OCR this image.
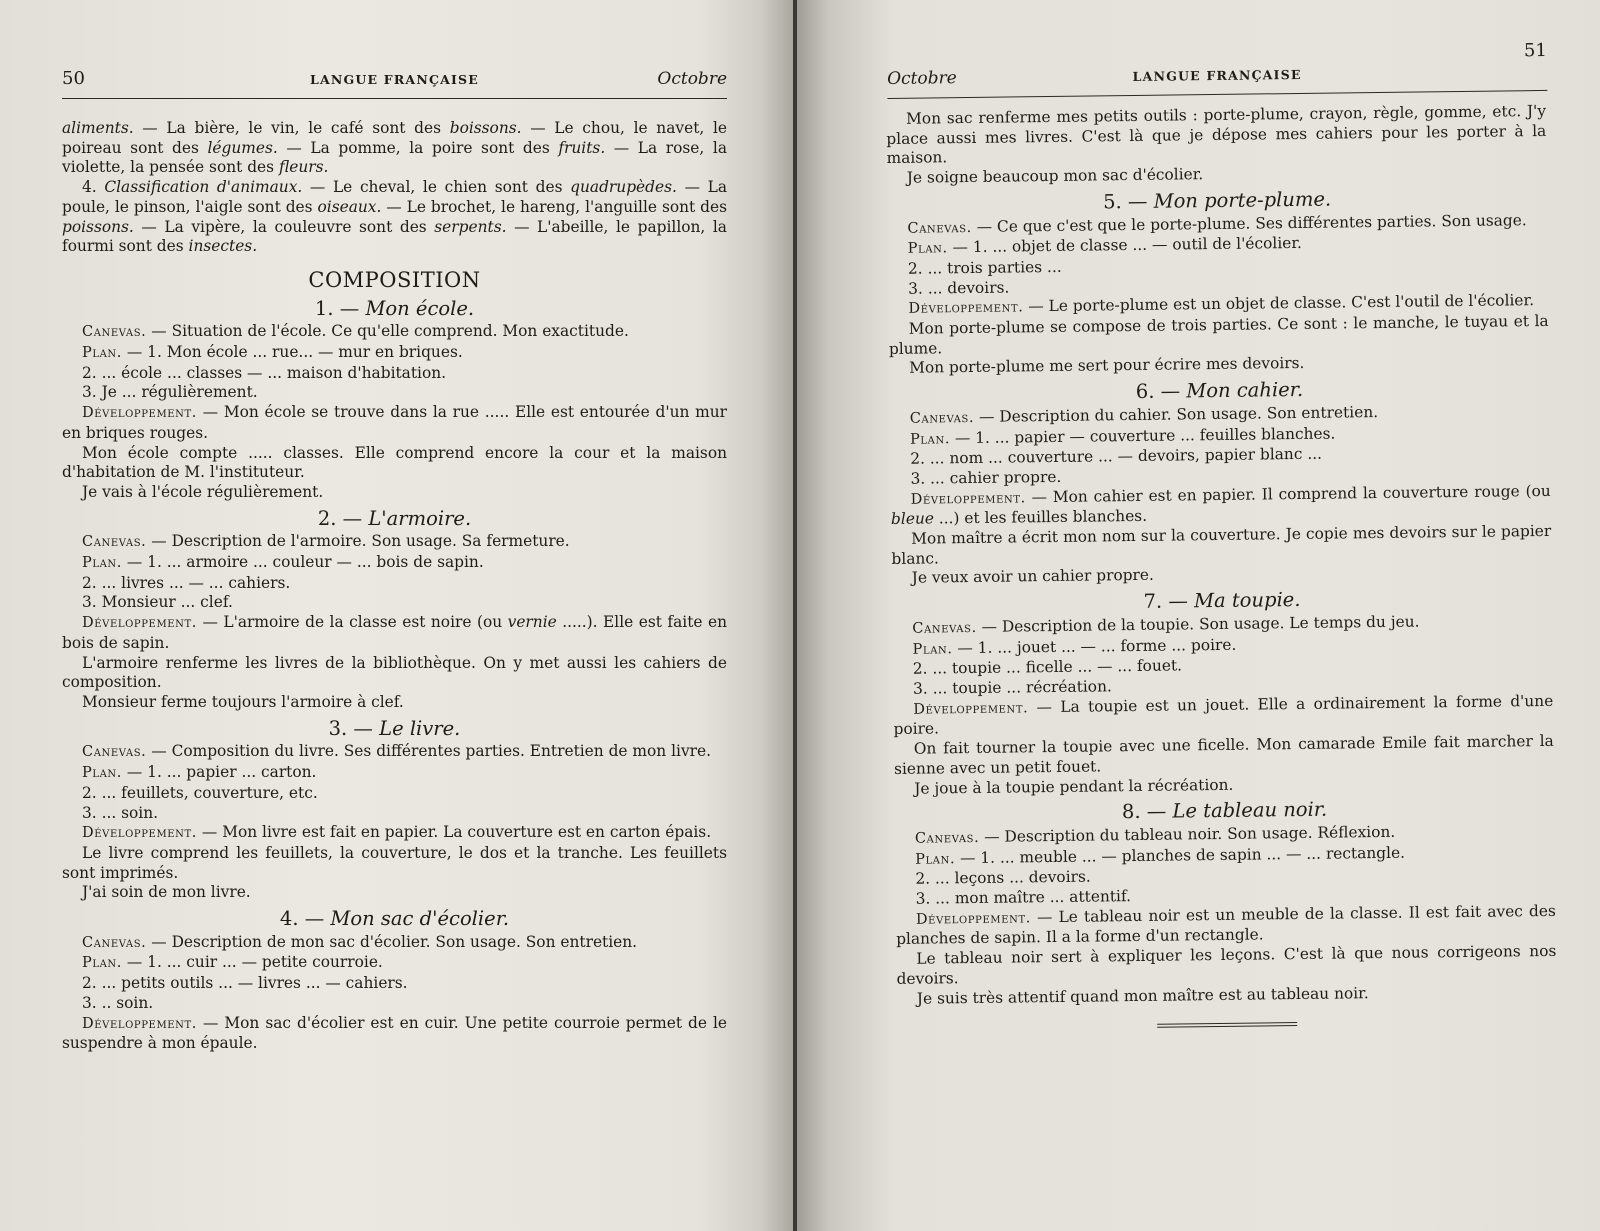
50	LANGUE FRANÇAISE	Octobre

aliments. — La bière, le vin, le café sont des boissons. — Le chou, le navet, le poireau sont des légumes. — La pomme, la poire sont des fruits. — La rose, la violette, la pensée sont des fleurs.

4. Classification d'animaux. — Le cheval, le chien sont des quadrupèdes. — La poule, le pinson, l'aigle sont des oiseaux. — Le brochet, le hareng, l'anguille sont des poissons. — La vipère, la couleuvre sont des serpents. — L'abeille, le papillon, la fourmi sont des insectes.

COMPOSITION
1. — Mon école.

Canevas. — Situation de l'école. Ce qu'elle comprend. Mon exactitude.

Plan. — 1. Mon école ... rue... — mur en briques.

2. ... école ... classes — ... maison d'habitation.

3. Je ... régulièrement.

Développement. — Mon école se trouve dans la rue ..... Elle est entourée d'un mur en briques rouges.

Mon école compte ..... classes. Elle comprend encore la cour et la maison d'habitation de M. l'instituteur.

Je vais à l'école régulièrement.

2. — L'armoire.

Canevas. — Description de l'armoire. Son usage. Sa fermeture.

Plan. — 1. ... armoire ... couleur — ... bois de sapin.

2. ... livres ... — ... cahiers.

3. Monsieur ... clef.

Développement. — L'armoire de la classe est noire (ou vernie .....). Elle est faite en bois de sapin.

L'armoire renferme les livres de la bibliothèque. On y met aussi les cahiers de composition.

Monsieur ferme toujours l'armoire à clef.

3. — Le livre.

Canevas. — Composition du livre. Ses différentes parties. Entretien de mon livre.

Plan. — 1. ... papier ... carton.

2. ... feuillets, couverture, etc.

3. ... soin.

Développement. — Mon livre est fait en papier. La couverture est en carton épais.

Le livre comprend les feuillets, la couverture, le dos et la tranche. Les feuillets sont imprimés.

J'ai soin de mon livre.

4. — Mon sac d'écolier.

Canevas. — Description de mon sac d'écolier. Son usage. Son entretien.

Plan. — 1. ... cuir ... — petite courroie.

2. ... petits outils ... — livres ... — cahiers.

3. .. soin.

Développement. — Mon sac d'écolier est en cuir. Une petite courroie permet de le suspendre à mon épaule.

Octobre	LANGUE FRANÇAISE
51

Mon sac renferme mes petits outils : porte-plume, crayon, règle, gomme, etc. J'y place aussi mes livres. C'est là que je dépose mes cahiers pour les porter à la maison.

Je soigne beaucoup mon sac d'écolier.

5. — Mon porte-plume.

Canevas. — Ce que c'est que le porte-plume. Ses différentes parties. Son usage.

Plan. — 1. ... objet de classe ... — outil de l'écolier.

2. ... trois parties ...

3. ... devoirs.

Développement. — Le porte-plume est un objet de classe. C'est l'outil de l'écolier.

Mon porte-plume se compose de trois parties. Ce sont : le manche, le tuyau et la plume.

Mon porte-plume me sert pour écrire mes devoirs.

6. — Mon cahier.

Canevas. — Description du cahier. Son usage. Son entretien.

Plan. — 1. ... papier — couverture ... feuilles blanches.

2. ... nom ... couverture ... — devoirs, papier blanc ...

3. ... cahier propre.

Développement. — Mon cahier est en papier. Il comprend la couverture rouge (ou bleue ...) et les feuilles blanches.

Mon maître a écrit mon nom sur la couverture. Je copie mes devoirs sur le papier blanc.

Je veux avoir un cahier propre.

7. — Ma toupie.

Canevas. — Description de la toupie. Son usage. Le temps du jeu.

Plan. — 1. ... jouet ... — ... forme ... poire.

2. ... toupie ... ficelle ... — ... fouet.

3. ... toupie ... récréation.

Développement. — La toupie est un jouet. Elle a ordinairement la forme d'une poire.

On fait tourner la toupie avec une ficelle. Mon camarade Emile fait marcher la sienne avec un petit fouet.

Je joue à la toupie pendant la récréation.

8. — Le tableau noir.

Canevas. — Description du tableau noir. Son usage. Réflexion.

Plan. — 1. ... meuble ... — planches de sapin ... — ... rectangle.

2. ... leçons ... devoirs.

3. ... mon maître ... attentif.

Développement. — Le tableau noir est un meuble de la classe. Il est fait avec des planches de sapin. Il a la forme d'un rectangle.

Le tableau noir sert à expliquer les leçons. C'est là que nous corrigeons nos devoirs.

Je suis très attentif quand mon maître est au tableau noir.
